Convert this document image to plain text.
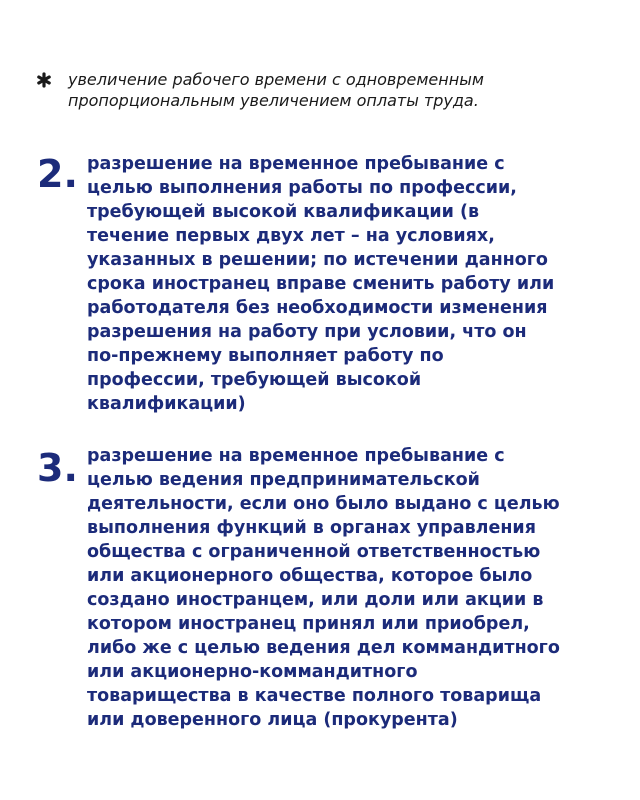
увеличение рабочего времени с одновременным
пропорциональным увеличением оплаты труда.
2. разрешение на временное пребывание с
целью выполнения работы по профессии,
требующей высокой квалификации (в
течение первых двух лет – на условиях,
указанных в решении; по истечении данного
срока иностранец вправе сменить работу или
работодателя без необходимости изменения
разрешения на работу при условии, что он
по-прежнему выполняет работу по
профессии, требующей высокой
квалификации)
3. разрешение на временное пребывание с
целью ведения предпринимательской
деятельности, если оно было выдано с целью
выполнения функций в органах управления
общества с ограниченной ответственностью
или акционерного общества, которое было
создано иностранцем, или доли или акции в
котором иностранец принял или приобрел,
либо же с целью ведения дел коммандитного
или акционерно-коммандитного
товарищества в качестве полного товарища
или доверенного лица (прокурента)
